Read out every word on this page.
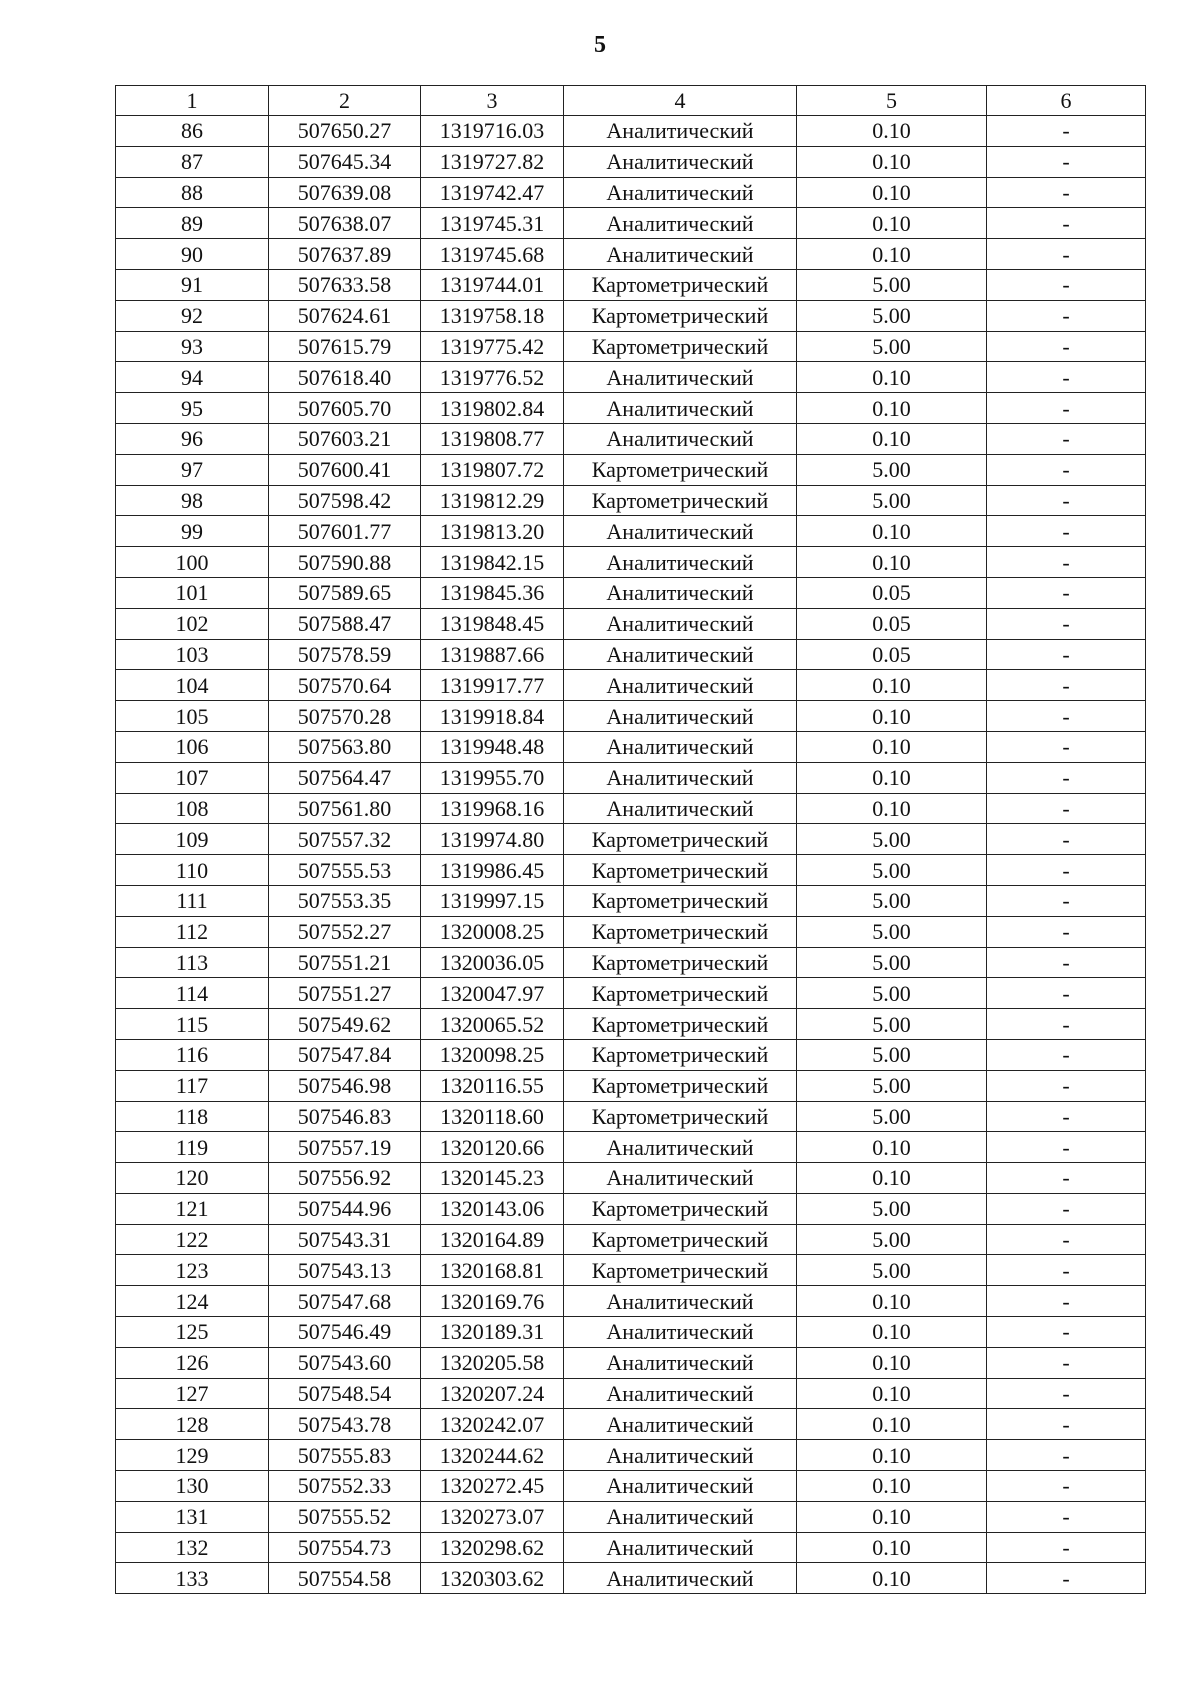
5
1	2	3	4	5	6
86	507650.27	1319716.03	Аналитический	0.10	-
87	507645.34	1319727.82	Аналитический	0.10	-
88	507639.08	1319742.47	Аналитический	0.10	-
89	507638.07	1319745.31	Аналитический	0.10	-
90	507637.89	1319745.68	Аналитический	0.10	-
91	507633.58	1319744.01	Картометрический	5.00	-
92	507624.61	1319758.18	Картометрический	5.00	-
93	507615.79	1319775.42	Картометрический	5.00	-
94	507618.40	1319776.52	Аналитический	0.10	-
95	507605.70	1319802.84	Аналитический	0.10	-
96	507603.21	1319808.77	Аналитический	0.10	-
97	507600.41	1319807.72	Картометрический	5.00	-
98	507598.42	1319812.29	Картометрический	5.00	-
99	507601.77	1319813.20	Аналитический	0.10	-
100	507590.88	1319842.15	Аналитический	0.10	-
101	507589.65	1319845.36	Аналитический	0.05	-
102	507588.47	1319848.45	Аналитический	0.05	-
103	507578.59	1319887.66	Аналитический	0.05	-
104	507570.64	1319917.77	Аналитический	0.10	-
105	507570.28	1319918.84	Аналитический	0.10	-
106	507563.80	1319948.48	Аналитический	0.10	-
107	507564.47	1319955.70	Аналитический	0.10	-
108	507561.80	1319968.16	Аналитический	0.10	-
109	507557.32	1319974.80	Картометрический	5.00	-
110	507555.53	1319986.45	Картометрический	5.00	-
111	507553.35	1319997.15	Картометрический	5.00	-
112	507552.27	1320008.25	Картометрический	5.00	-
113	507551.21	1320036.05	Картометрический	5.00	-
114	507551.27	1320047.97	Картометрический	5.00	-
115	507549.62	1320065.52	Картометрический	5.00	-
116	507547.84	1320098.25	Картометрический	5.00	-
117	507546.98	1320116.55	Картометрический	5.00	-
118	507546.83	1320118.60	Картометрический	5.00	-
119	507557.19	1320120.66	Аналитический	0.10	-
120	507556.92	1320145.23	Аналитический	0.10	-
121	507544.96	1320143.06	Картометрический	5.00	-
122	507543.31	1320164.89	Картометрический	5.00	-
123	507543.13	1320168.81	Картометрический	5.00	-
124	507547.68	1320169.76	Аналитический	0.10	-
125	507546.49	1320189.31	Аналитический	0.10	-
126	507543.60	1320205.58	Аналитический	0.10	-
127	507548.54	1320207.24	Аналитический	0.10	-
128	507543.78	1320242.07	Аналитический	0.10	-
129	507555.83	1320244.62	Аналитический	0.10	-
130	507552.33	1320272.45	Аналитический	0.10	-
131	507555.52	1320273.07	Аналитический	0.10	-
132	507554.73	1320298.62	Аналитический	0.10	-
133	507554.58	1320303.62	Аналитический	0.10	-
